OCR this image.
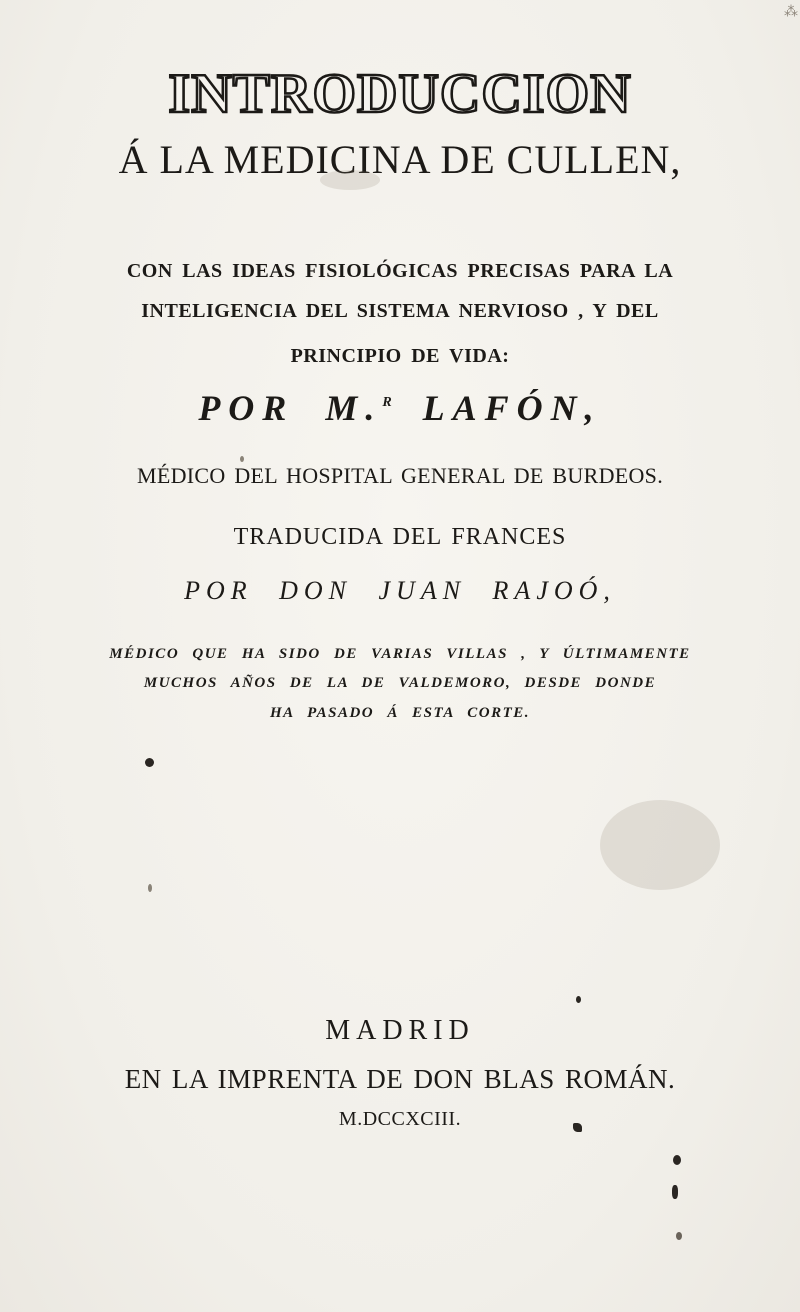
⁂
INTRODUCCION
Á LA MEDICINA DE CULLEN,
CON LAS IDEAS FISIOLÓGICAS PRECISAS PARA LA
INTELIGENCIA DEL SISTEMA NERVIOSO , Y DEL
PRINCIPIO DE VIDA:
POR M.$^R$ LAFÓN,
MÉDICO DEL HOSPITAL GENERAL DE BURDEOS.
TRADUCIDA DEL FRANCES
POR DON JUAN RAJOÓ,
MÉDICO QUE HA SIDO DE VARIAS VILLAS , Y ÚLTIMAMENTE
MUCHOS AÑOS DE LA DE VALDEMORO, DESDE DONDE
HA PASADO Á ESTA CORTE.
MADRID
EN LA IMPRENTA DE DON BLAS ROMÁN.
M.DCCXCIII.
